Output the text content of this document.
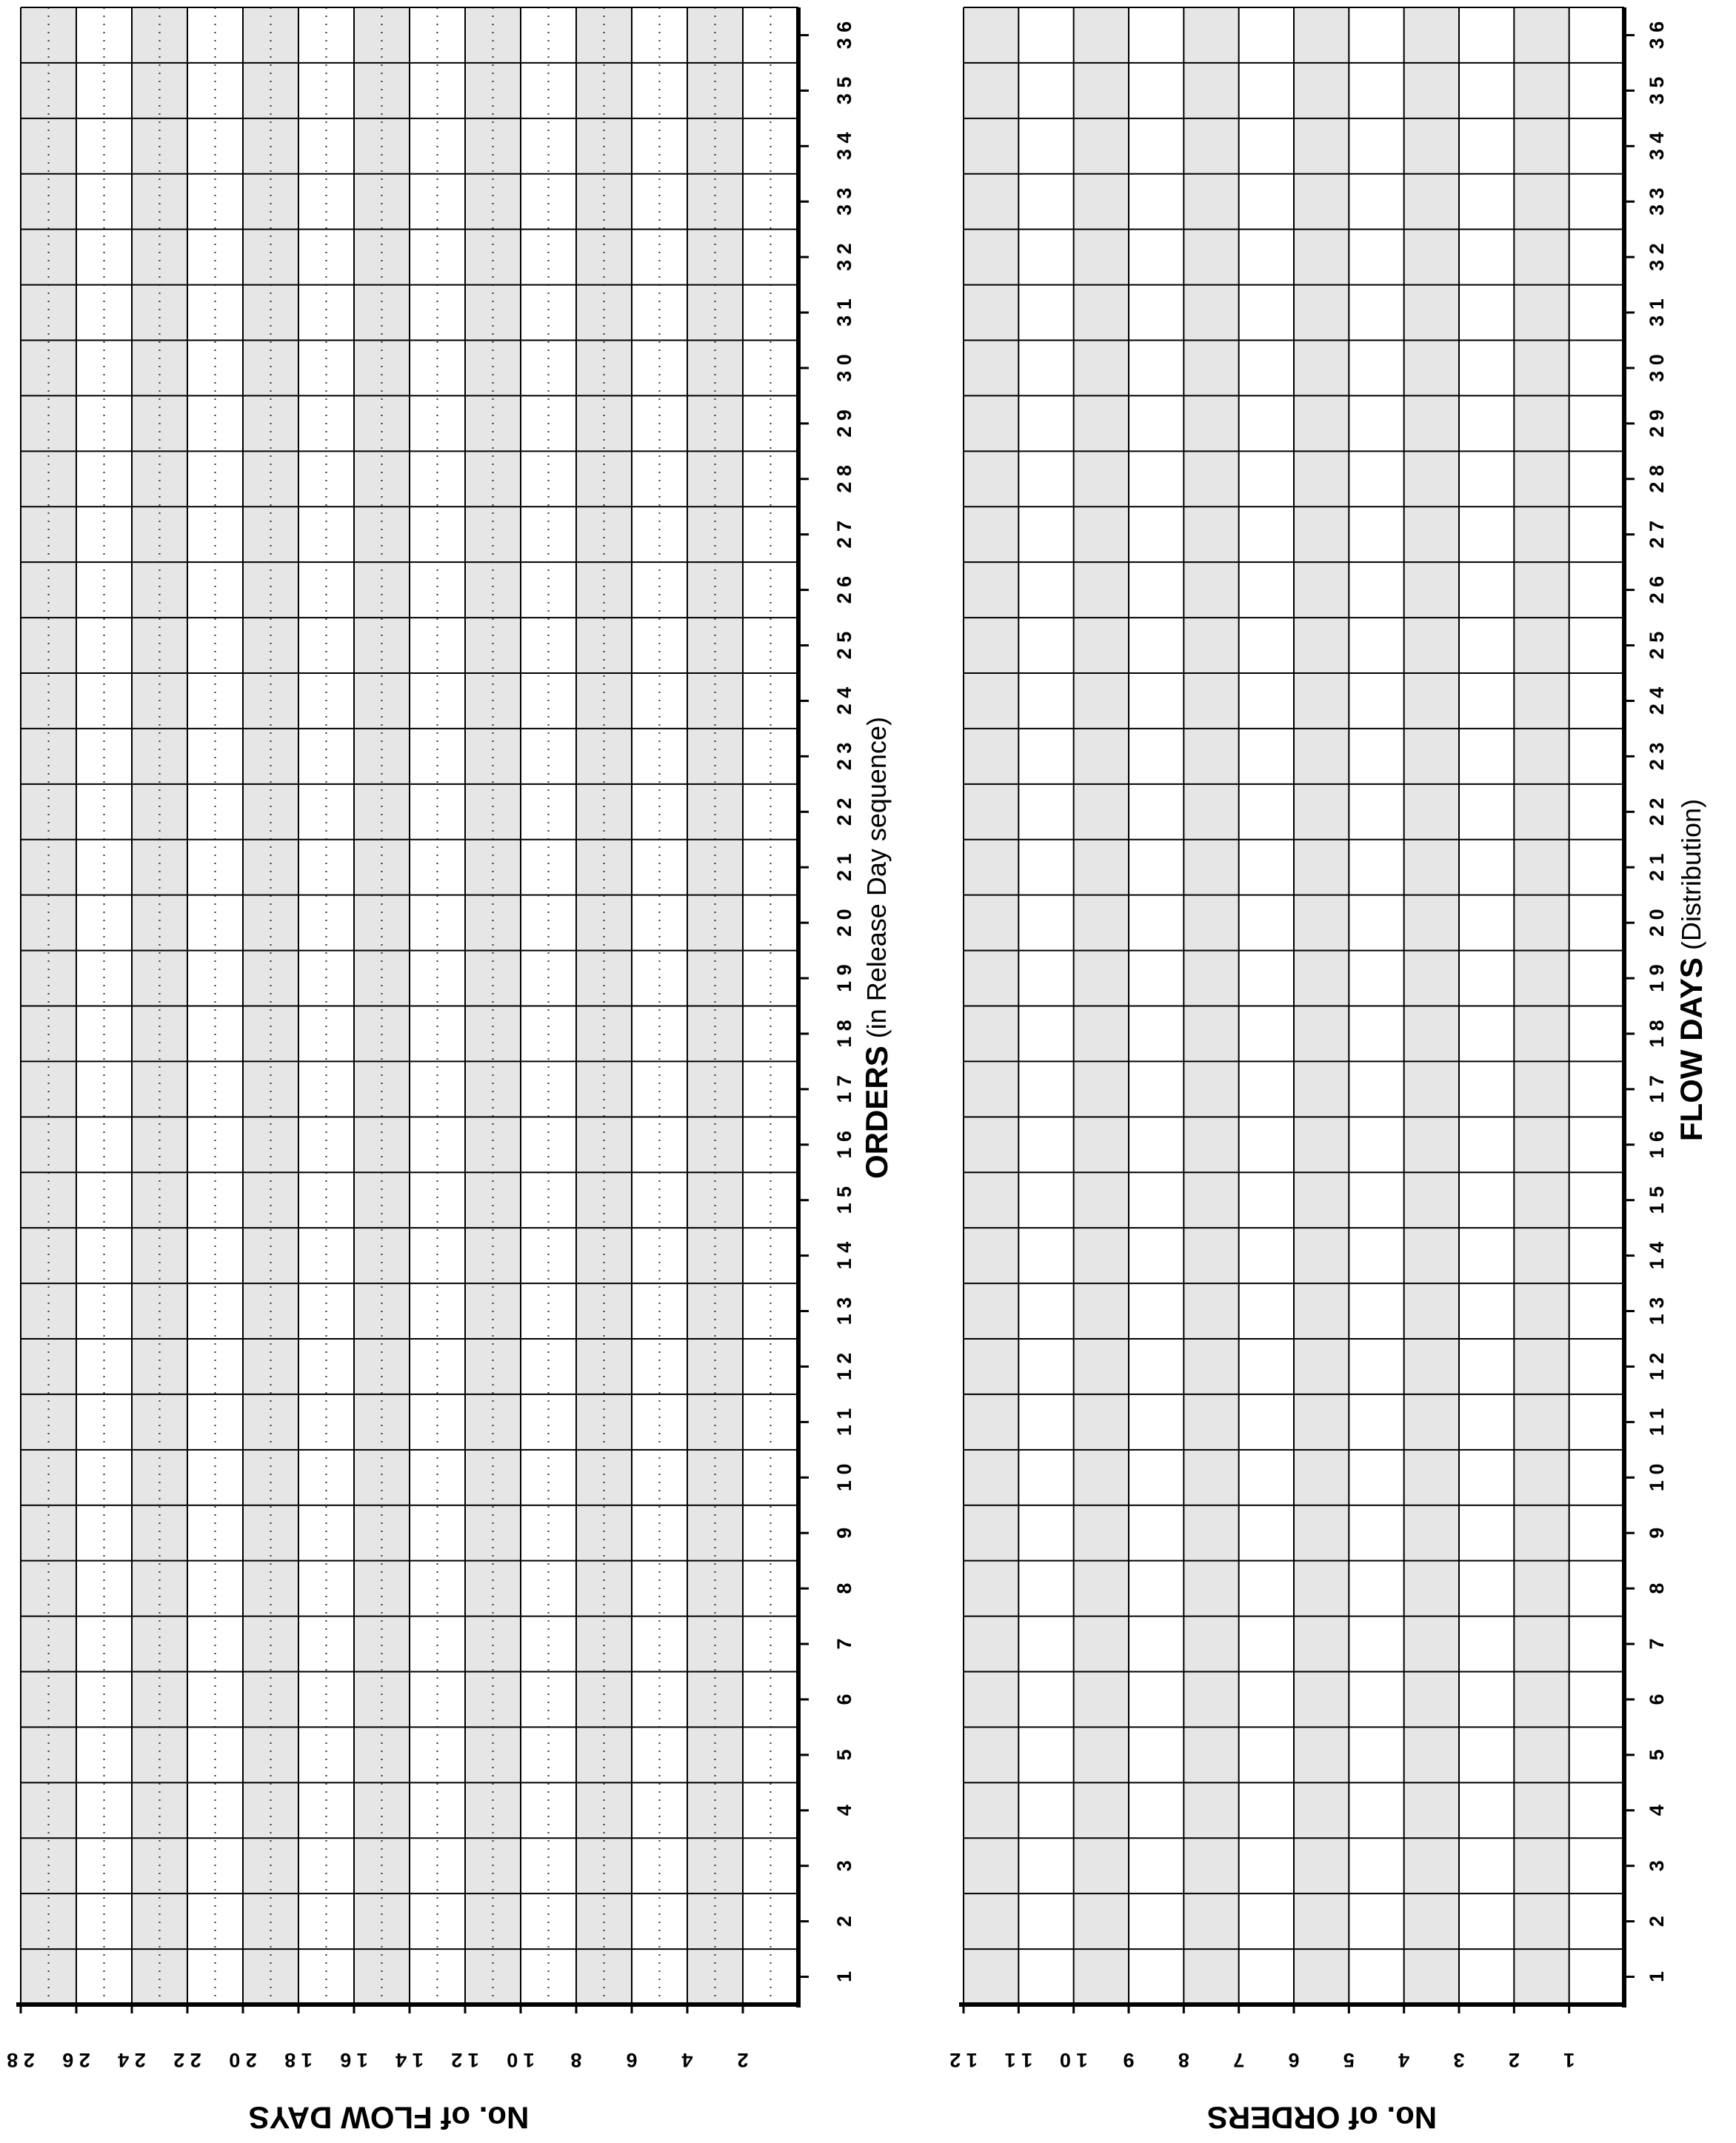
1
2
3
4
5
6
7
8
9
1 0
1 1
1 2
1 3
1 4
1 5
1 6
1 7
1 8
1 9
2 0
2 1
2 2
2 3
2 4
2 5
2 6
2 7
2 8
2 9
3 0
3 1
3 2
3 3
3 4
3 5
3 6
2
4
6
8
1 0
1 2
1 4
1 6
1 8
2 0
2 2
2 4
2 6
2 8
No. of FLOW DAYS
ORDERS(in Release Day sequence)
1
2
3
4
5
6
7
8
9
1 0
1 1
1 2
1 3
1 4
1 5
1 6
1 7
1 8
1 9
2 0
2 1
2 2
2 3
2 4
2 5
2 6
2 7
2 8
2 9
3 0
3 1
3 2
3 3
3 4
3 5
3 6
1
2
3
4
5
6
7
8
9
1 0
1 1
1 2
No. of ORDERS
FLOW DAYS(Distribution)
